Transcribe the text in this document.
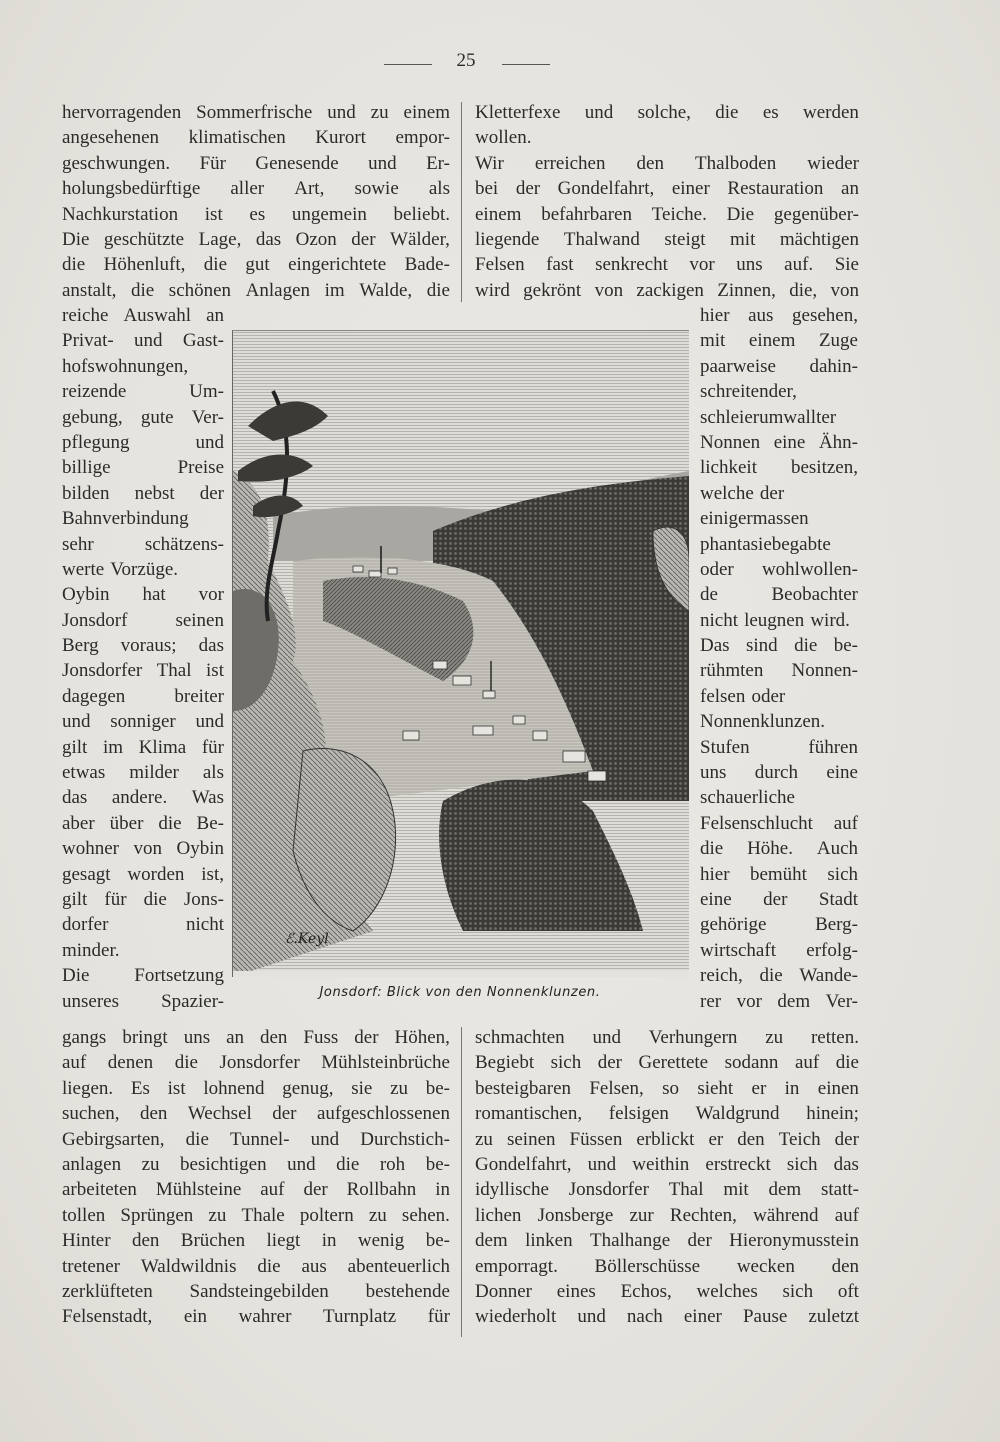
25
hervorragenden Sommerfrische und zu einem
angesehenen klimatischen Kurort empor-
geschwungen. Für Genesende und Er-
holungsbedürftige aller Art, sowie als
Nachkurstation ist es ungemein beliebt.
Die geschützte Lage, das Ozon der Wälder,
die Höhenluft, die gut eingerichtete Bade-
anstalt, die schönen Anlagen im Walde, die
reiche Auswahl an
Privat- und Gast-
hofswohnungen,
reizende	Um-
gebung, gute Ver-
pflegung	und
billige	Preise
bilden nebst der
Bahnverbindung
sehr	schätzens-
werte Vorzüge.
Oybin hat vor
Jonsdorf	seinen
Berg voraus; das
Jonsdorfer Thal ist
dagegen	breiter
und sonniger und
gilt im Klima für
etwas milder als
das andere. Was
aber über die Be-
wohner von Oybin
gesagt worden ist,
gilt für die Jons-
dorfer	nicht
minder.
Die Fortsetzung
unseres Spazier-
gangs bringt uns an den Fuss der Höhen,
auf denen die Jonsdorfer Mühlsteinbrüche
liegen. Es ist lohnend genug, sie zu be-
suchen, den Wechsel der aufgeschlossenen
Gebirgsarten, die Tunnel- und Durchstich-
anlagen zu besichtigen und die roh be-
arbeiteten Mühlsteine auf der Rollbahn in
tollen Sprüngen zu Thale poltern zu sehen.
Hinter den Brüchen liegt in wenig be-
tretener Waldwildnis die aus abenteuerlich
zerklüfteten Sandsteingebilden bestehende
Felsenstadt, ein wahrer Turnplatz für
Kletterfexe und solche, die es werden
wollen.
Wir erreichen den Thalboden wieder
bei der Gondelfahrt, einer Restauration an
einem befahrbaren Teiche. Die gegenüber-
liegende Thalwand steigt mit mächtigen
Felsen fast senkrecht vor uns auf. Sie
wird gekrönt von zackigen Zinnen, die, von
hier aus gesehen,
mit einem Zuge
paarweise dahin-
schreitender,
schleierumwallter
Nonnen eine Ähn-
lichkeit besitzen,
welche der
einigermassen
phantasiebegabte
oder wohlwollen-
de	Beobachter
nicht leugnen wird.
Das sind die be-
rühmten Nonnen-
felsen oder
Nonnenklunzen.
Stufen	führen
uns durch eine
schauerliche
Felsenschlucht auf
die Höhe. Auch
hier bemüht sich
eine der Stadt
gehörige	Berg-
wirtschaft erfolg-
reich, die Wande-
rer vor dem Ver-
schmachten und Verhungern zu retten.
Begiebt sich der Gerettete sodann auf die
besteigbaren Felsen, so sieht er in einen
romantischen, felsigen Waldgrund hinein;
zu seinen Füssen erblickt er den Teich der
Gondelfahrt, und weithin erstreckt sich das
idyllische Jonsdorfer Thal mit dem statt-
lichen Jonsberge zur Rechten, während auf
dem linken Thalhange der Hieronymusstein
emporragt. Böllerschüsse wecken den
Donner eines Echos, welches sich oft
wiederholt und nach einer Pause zuletzt
ℰ.Keyl
Jonsdorf: Blick von den Nonnenklunzen.
